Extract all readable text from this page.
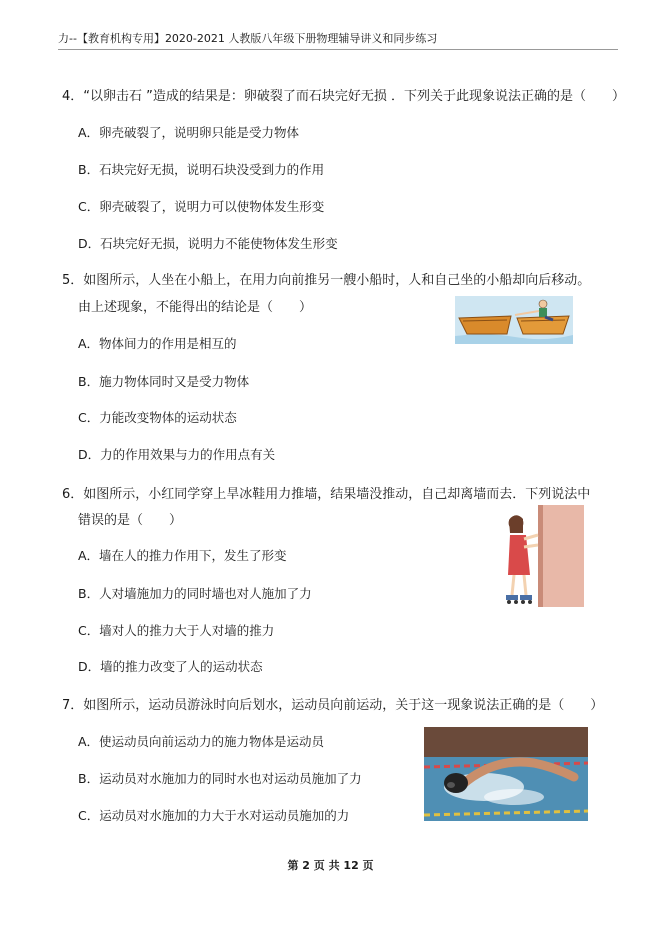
力--【教育机构专用】2020-2021 人教版八年级下册物理辅导讲义和同步练习
4．“以卵击石 ”造成的结果是：卵破裂了而石块完好无损 ．下列关于此现象说法正确的是（　　）
A．卵壳破裂了，说明卵只能是受力物体
B．石块完好无损，说明石块没受到力的作用
C．卵壳破裂了，说明力可以使物体发生形变
D．石块完好无损，说明力不能使物体发生形变
5．如图所示，人坐在小船上，在用力向前推另一艘小船时，人和自己坐的小船却向后移动。
由上述现象，不能得出的结论是（　　）
A．物体间力的作用是相互的
B．施力物体同时又是受力物体
C．力能改变物体的运动状态
D．力的作用效果与力的作用点有关
6．如图所示，小红同学穿上旱冰鞋用力推墙，结果墙没推动，自己却离墙而去．下列说法中
错误的是（　　）
A．墙在人的推力作用下，发生了形变
B．人对墙施加力的同时墙也对人施加了力
C．墙对人的推力大于人对墙的推力
D．墙的推力改变了人的运动状态
7．如图所示，运动员游泳时向后划水，运动员向前运动，关于这一现象说法正确的是（　　）
A．使运动员向前运动力的施力物体是运动员
B．运动员对水施加力的同时水也对运动员施加了力
C．运动员对水施加的力大于水对运动员施加的力
第 2 页 共 12 页
